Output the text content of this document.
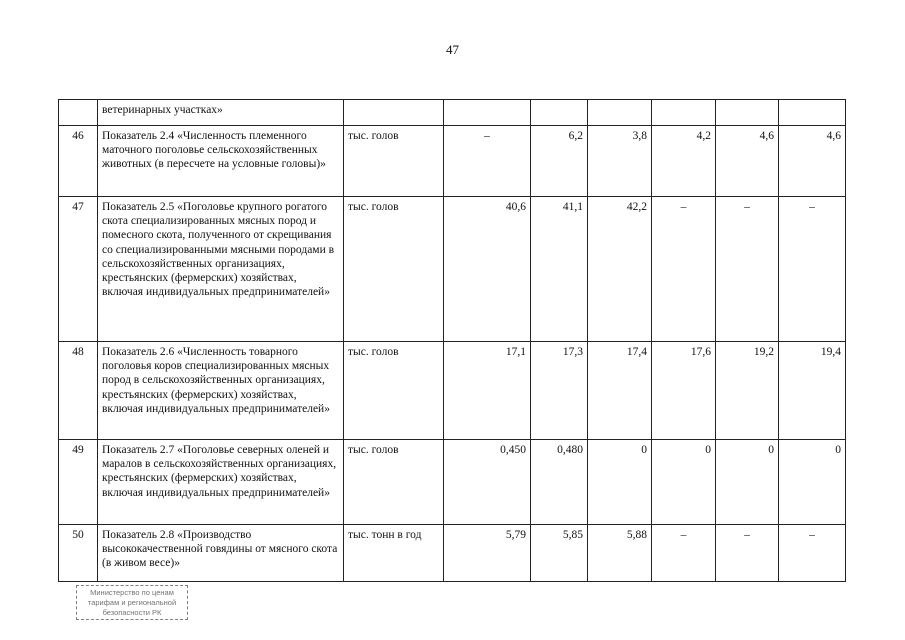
47
	ветеринарных участках»							
46	Показатель 2.4 «Численность племенного маточного поголовье сельскохозяйственных животных (в пересчете на условные головы)»	тыс. голов	–	6,2	3,8	4,2	4,6	4,6
47	Показатель 2.5 «Поголовье крупного рогатого скота специализированных мясных пород и помесного скота, полученного от скрещивания со специализированными мясными породами в сельскохозяйственных организациях, крестьянских (фермерских) хозяйствах, включая индивидуальных предпринимателей»	тыс. голов	40,6	41,1	42,2	–	–	–
48	Показатель 2.6 «Численность товарного поголовья коров специализированных мясных пород в сельскохозяйственных организациях, крестьянских (фермерских) хозяйствах, включая индивидуальных предпринимателей»	тыс. голов	17,1	17,3	17,4	17,6	19,2	19,4
49	Показатель 2.7 «Поголовье северных оленей и маралов в сельскохозяйственных организациях, крестьянских (фермерских) хозяйствах, включая индивидуальных предпринимателей»	тыс. голов	0,450	0,480	0	0	0	0
50	Показатель 2.8 «Производство высококачественной говядины от мясного скота (в живом весе)»	тыс. тонн в год	5,79	5,85	5,88	–	–	–
Министерство по ценам
тарифам и региональной
безопасности РК
